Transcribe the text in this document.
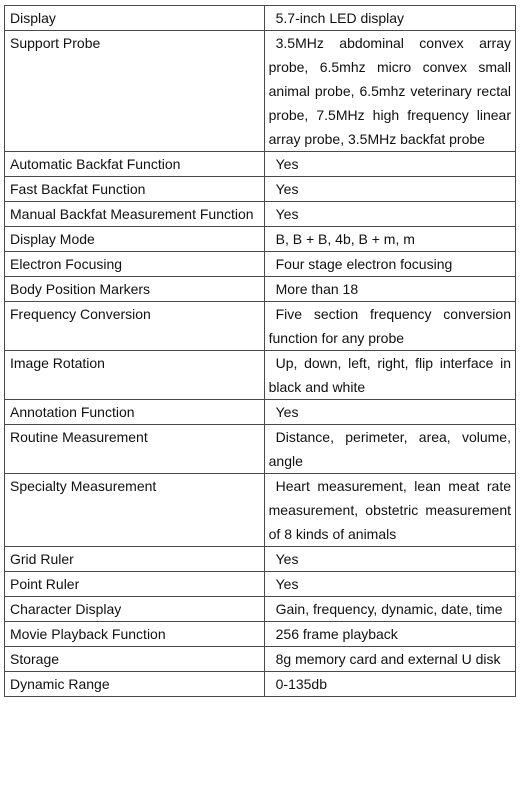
Display	5.7-inch LED display
Support Probe	3.5MHz abdominal convex array probe, 6.5mhz micro convex small animal probe, 6.5mhz veterinary rectal probe, 7.5MHz high frequency linear array probe, 3.5MHz backfat probe
Automatic Backfat Function	Yes
Fast Backfat Function	Yes
Manual Backfat Measurement Function	Yes
Display Mode	B, B + B, 4b, B + m, m
Electron Focusing	Four stage electron focusing
Body Position Markers	More than 18
Frequency Conversion	Five section frequency conversion function for any probe
Image Rotation	Up, down, left, right, flip interface in black and white
Annotation Function	Yes
Routine Measurement	Distance, perimeter, area, volume, angle
Specialty Measurement	Heart measurement, lean meat rate measurement, obstetric measurement of 8 kinds of animals
Grid Ruler	Yes
Point Ruler	Yes
Character Display	Gain, frequency, dynamic, date, time
Movie Playback Function	256 frame playback
Storage	8g memory card and external U disk
Dynamic Range	0-135db
